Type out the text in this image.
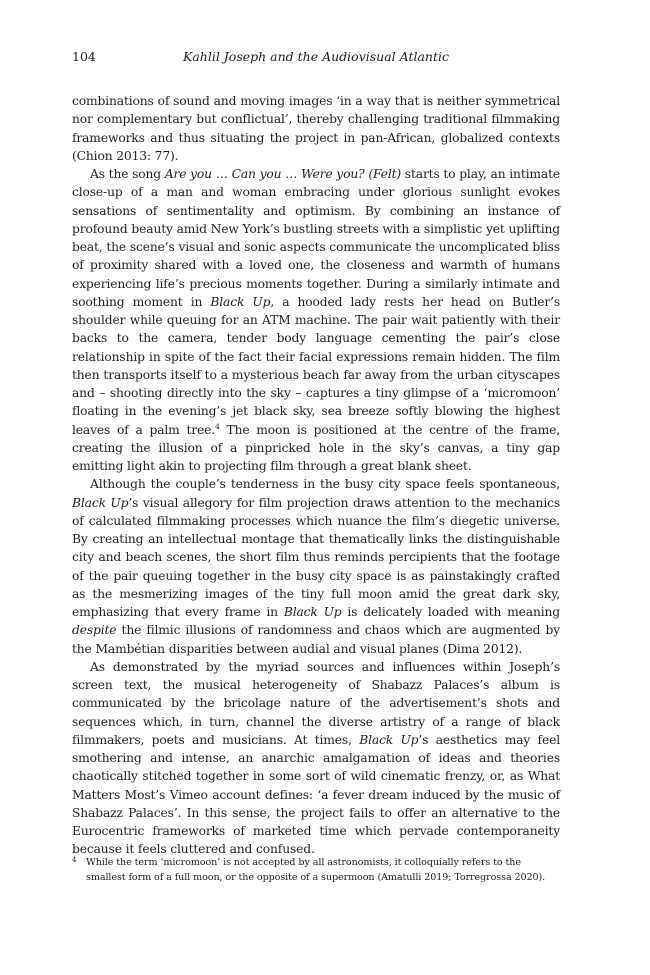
104	Kahlil Joseph and the Audiovisual Atlantic

combinations of sound and moving images ‘in a way that is neither symmetrical nor complementary but conflictual’, thereby challenging traditional filmmaking frameworks and thus situating the project in pan-African, globalized contexts (Chion 2013: 77).

As the song Are you … Can you … Were you? (Felt) starts to play, an intimate close-up of a man and woman embracing under glorious sunlight evokes sensations of sentimentality and optimism. By combining an instance of profound beauty amid New York’s bustling streets with a simplistic yet uplifting beat, the scene’s visual and sonic aspects communicate the uncomplicated bliss of proximity shared with a loved one, the closeness and warmth of humans experiencing life’s precious moments together. During a similarly intimate and soothing moment in Black Up, a hooded lady rests her head on Butler’s shoulder while queuing for an ATM machine. The pair wait patiently with their backs to the camera, tender body language cementing the pair’s close relationship in spite of the fact their facial expressions remain hidden. The film then transports itself to a mysterious beach far away from the urban cityscapes and – shooting directly into the sky – captures a tiny glimpse of a ‘micromoon’ floating in the evening’s jet black sky, sea breeze softly blowing the highest leaves of a palm tree.$^4$ The moon is positioned at the centre of the frame, creating the illusion of a pinpricked hole in the sky’s canvas, a tiny gap emitting light akin to projecting film through a great blank sheet.

Although the couple’s tenderness in the busy city space feels spontaneous, Black Up’s visual allegory for film projection draws attention to the mechanics of calculated filmmaking processes which nuance the film’s diegetic universe. By creating an intellectual montage that thematically links the distinguishable city and beach scenes, the short film thus reminds percipients that the footage of the pair queuing together in the busy city space is as painstakingly crafted as the mesmerizing images of the tiny full moon amid the great dark sky, emphasizing that every frame in Black Up is delicately loaded with meaning despite the filmic illusions of randomness and chaos which are augmented by the Mambétian disparities between audial and visual planes (Dima 2012).

As demonstrated by the myriad sources and influences within Joseph’s screen text, the musical heterogeneity of Shabazz Palaces’s album is communicated by the bricolage nature of the advertisement’s shots and sequences which, in turn, channel the diverse artistry of a range of black filmmakers, poets and musicians. At times, Black Up’s aesthetics may feel smothering and intense, an anarchic amalgamation of ideas and theories chaotically stitched together in some sort of wild cinematic frenzy, or, as What Matters Most’s Vimeo account defines: ‘a fever dream induced by the music of Shabazz Palaces’. In this sense, the project fails to offer an alternative to the Eurocentric frameworks of marketed time which pervade contemporaneity because it feels cluttered and confused.

4 While the term ‘micromoon’ is not accepted by all astronomists, it colloquially refers to the smallest form of a full moon, or the opposite of a supermoon (Amatulli 2019; Torregrossa 2020).
